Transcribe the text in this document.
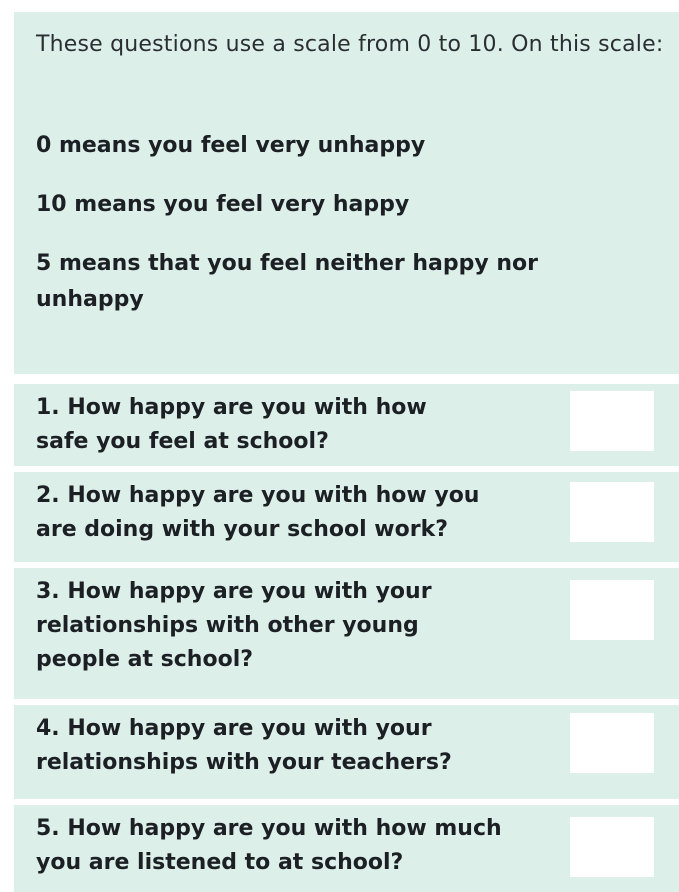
These questions use a scale from 0 to 10. On this scale:

0 means you feel very unhappy

10 means you feel very happy

5 means that you feel neither happy nor unhappy

1. How happy are you with how
safe you feel at school?

2. How happy are you with how you
are doing with your school work?

3. How happy are you with your
relationships with other young
people at school?

4. How happy are you with your
relationships with your teachers?

5. How happy are you with how much
you are listened to at school?
